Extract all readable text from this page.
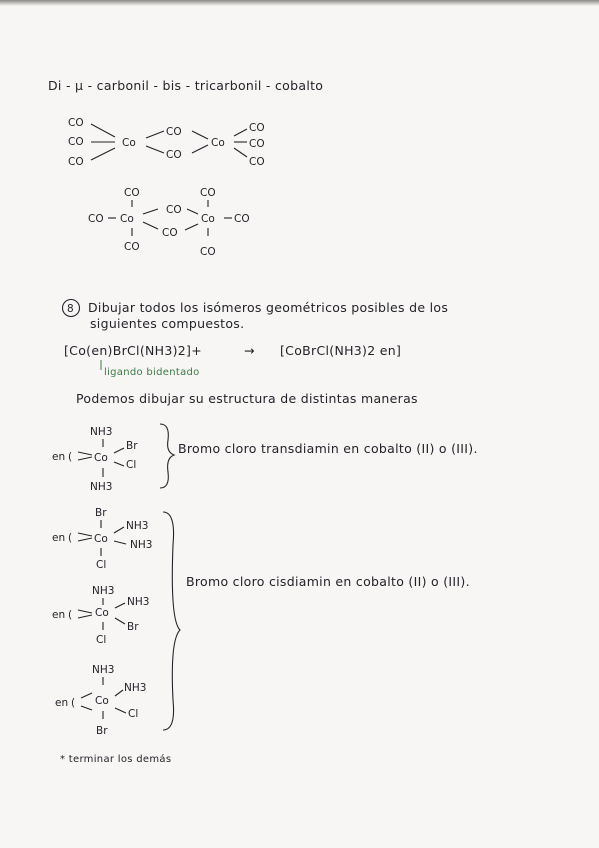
Di - μ - carbonil - bis - tricarbonil - cobalto
CO
CO
CO
Co
CO
CO
Co
CO
CO
CO
CO	CO
CO Co
CO
CO
Co CO
CO	CO
8 Dibujar todos los isómeros geométricos posibles de los
siguientes compuestos.
[Co(en)BrCl(NH3)2]+	→ [CoBrCl(NH3)2 en]
ligando bidentado
Podemos dibujar su estructura de distintas maneras
NH3
en ( Co
Br
Cl
NH3
Bromo cloro transdiamin en cobalto (II) o (III).
Br
en ( Co
NH3
NH3
Cl
NH3
en ( Co
NH3
Br
Cl
NH3
en ( Co
NH3
Cl
Br
Bromo cloro cisdiamin en cobalto (II) o (III).
* terminar los demás
